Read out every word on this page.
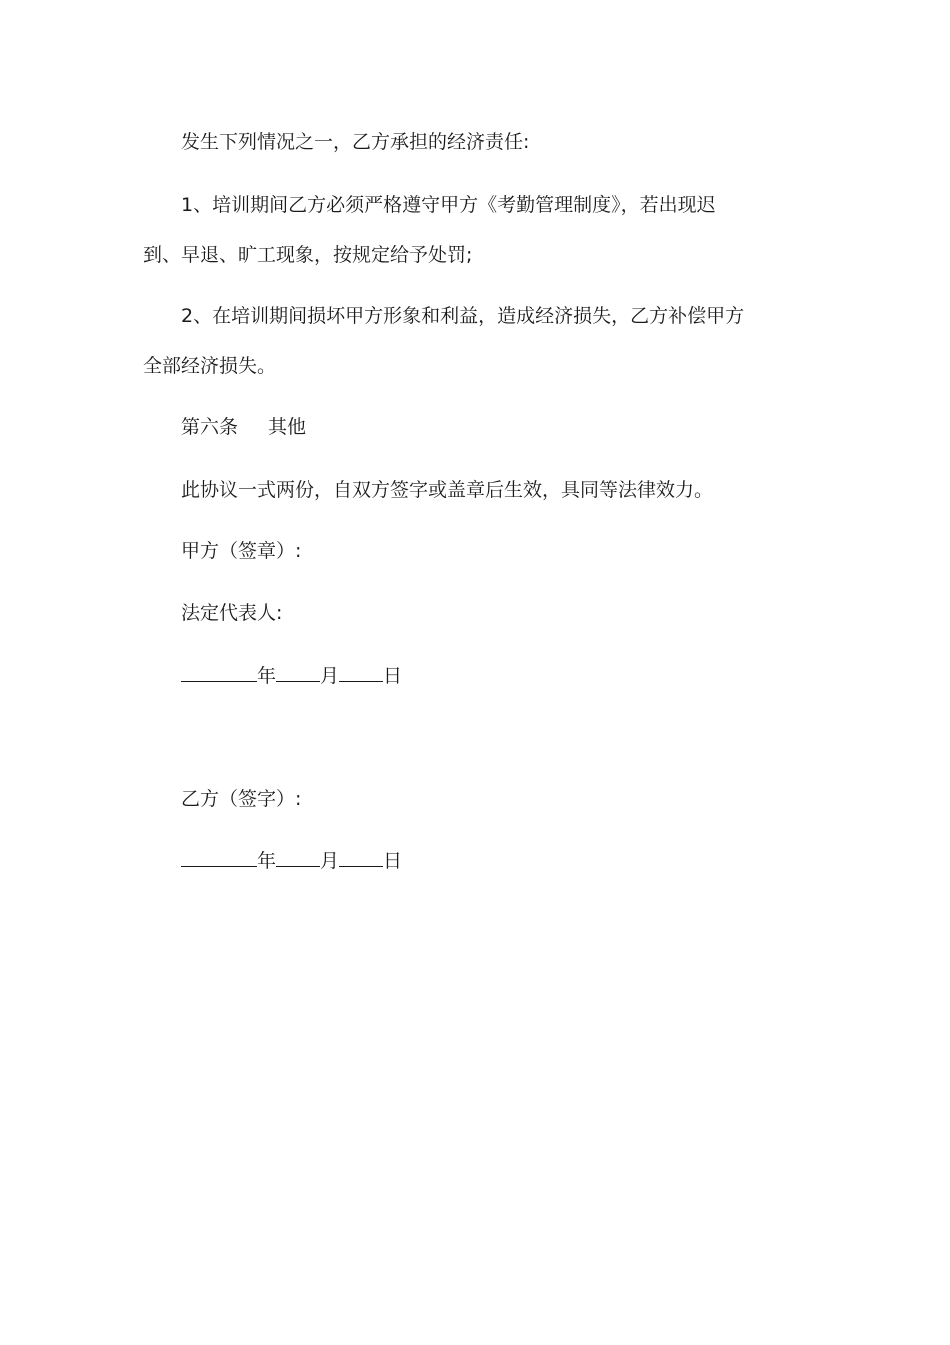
发生下列情况之一，乙方承担的经济责任:

1、培训期间乙方必须严格遵守甲方《考勤管理制度》，若出现迟到、早退、旷工现象，按规定给予处罚;

2、在培训期间损坏甲方形象和利益，造成经济损失，乙方补偿甲方全部经济损失。

第六条 其他

此协议一式两份，自双方签字或盖章后生效，具同等法律效力。

甲方（签章）:

法定代表人:

年 月 日

乙方（签字）:

年 月 日
